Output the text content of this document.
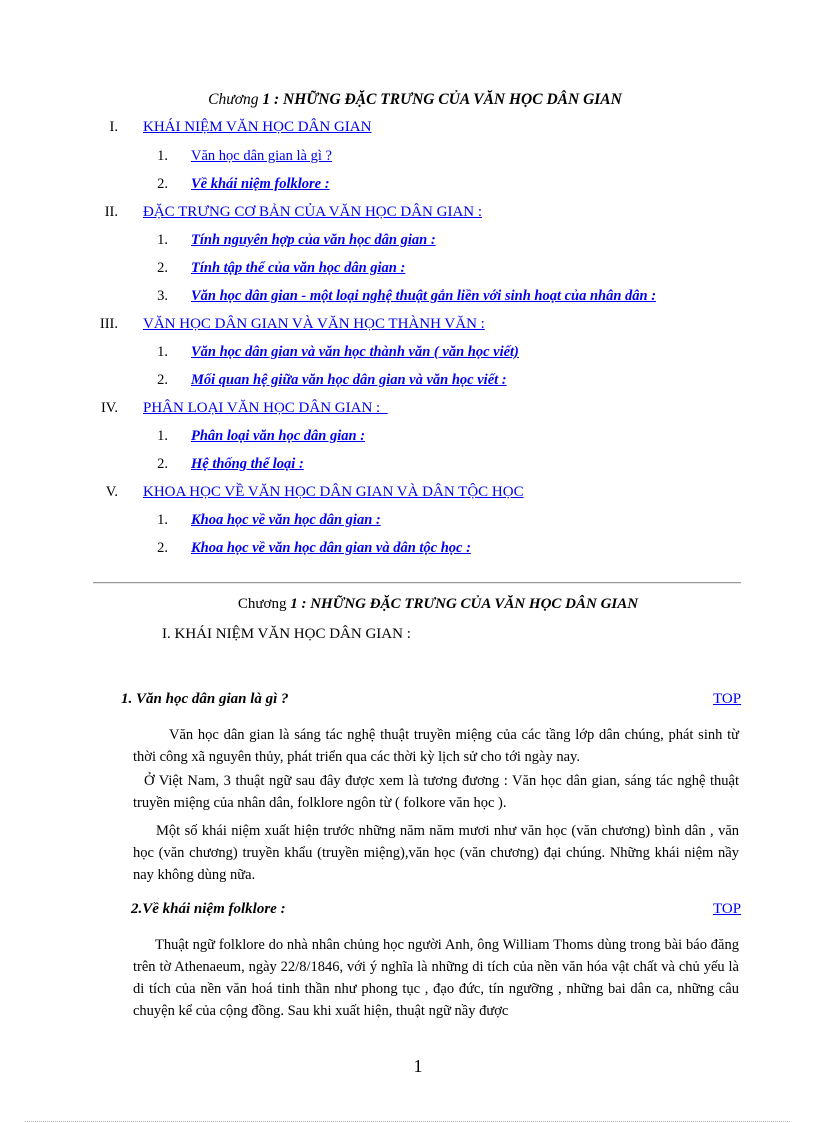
Chương 1 : NHỮNG ĐẶC TRƯNG CỦA VĂN HỌC DÂN GIAN
I. KHÁI NIỆM VĂN HỌC DÂN GIAN
1. Văn học dân gian là gì ?
2. Về khái niệm folklore :
II. ĐẶC TRƯNG CƠ BẢN CỦA VĂN HỌC DÂN GIAN :
1. Tính nguyên hợp của văn học dân gian :
2. Tính tập thể của văn học dân gian :
3. Văn học dân gian - một loại nghệ thuật gắn liền với sinh hoạt của nhân dân :
III. VĂN HỌC DÂN GIAN VÀ VĂN HỌC THÀNH VĂN :
1. Văn học dân gian và văn học thành văn ( văn học viết)
2. Mối quan hệ giữa văn học dân gian và văn học viết :
IV. PHÂN LOẠI VĂN HỌC DÂN GIAN :
1. Phân loại văn học dân gian :
2. Hệ thống thể loại :
V. KHOA HỌC VỀ VĂN HỌC DÂN GIAN VÀ DÂN TỘC HỌC
1. Khoa học về văn học dân gian :
2. Khoa học về văn học dân gian và dân tộc học :
Chương 1 : NHỮNG ĐẶC TRƯNG CỦA VĂN HỌC DÂN GIAN
I. KHÁI NIỆM VĂN HỌC DÂN GIAN :
1. Văn học dân gian là gì ?	TOP
Văn học dân gian là sáng tác nghệ thuật truyền miệng của các tầng lớp dân chúng, phát sinh từ thời công xã nguyên thủy, phát triển qua các thời kỳ lịch sử cho tới ngày nay.
Ở Việt Nam, 3 thuật ngữ sau đây được xem là tương đương : Văn học dân gian, sáng tác nghệ thuật truyền miệng của nhân dân, folklore ngôn từ ( folkore văn học ).
Một số khái niệm xuất hiện trước những năm năm mươi như văn học (văn chương) bình dân , văn học (văn chương) truyền khẩu (truyền miệng),văn học (văn chương) đại chúng. Những khái niệm nầy nay không dùng nữa.
2.Về khái niệm folklore :	TOP
Thuật ngữ folklore do nhà nhân chủng học người Anh, ông William Thoms dùng trong bài báo đăng trên tờ Athenaeum, ngày 22/8/1846, với ý nghĩa là những di tích của nền văn hóa vật chất và chủ yếu là di tích của nền văn hoá tinh thần như phong tục , đạo đức, tín ngưỡng , những bai dân ca, những câu chuyện kể của cộng đồng. Sau khi xuất hiện, thuật ngữ nầy được
1
